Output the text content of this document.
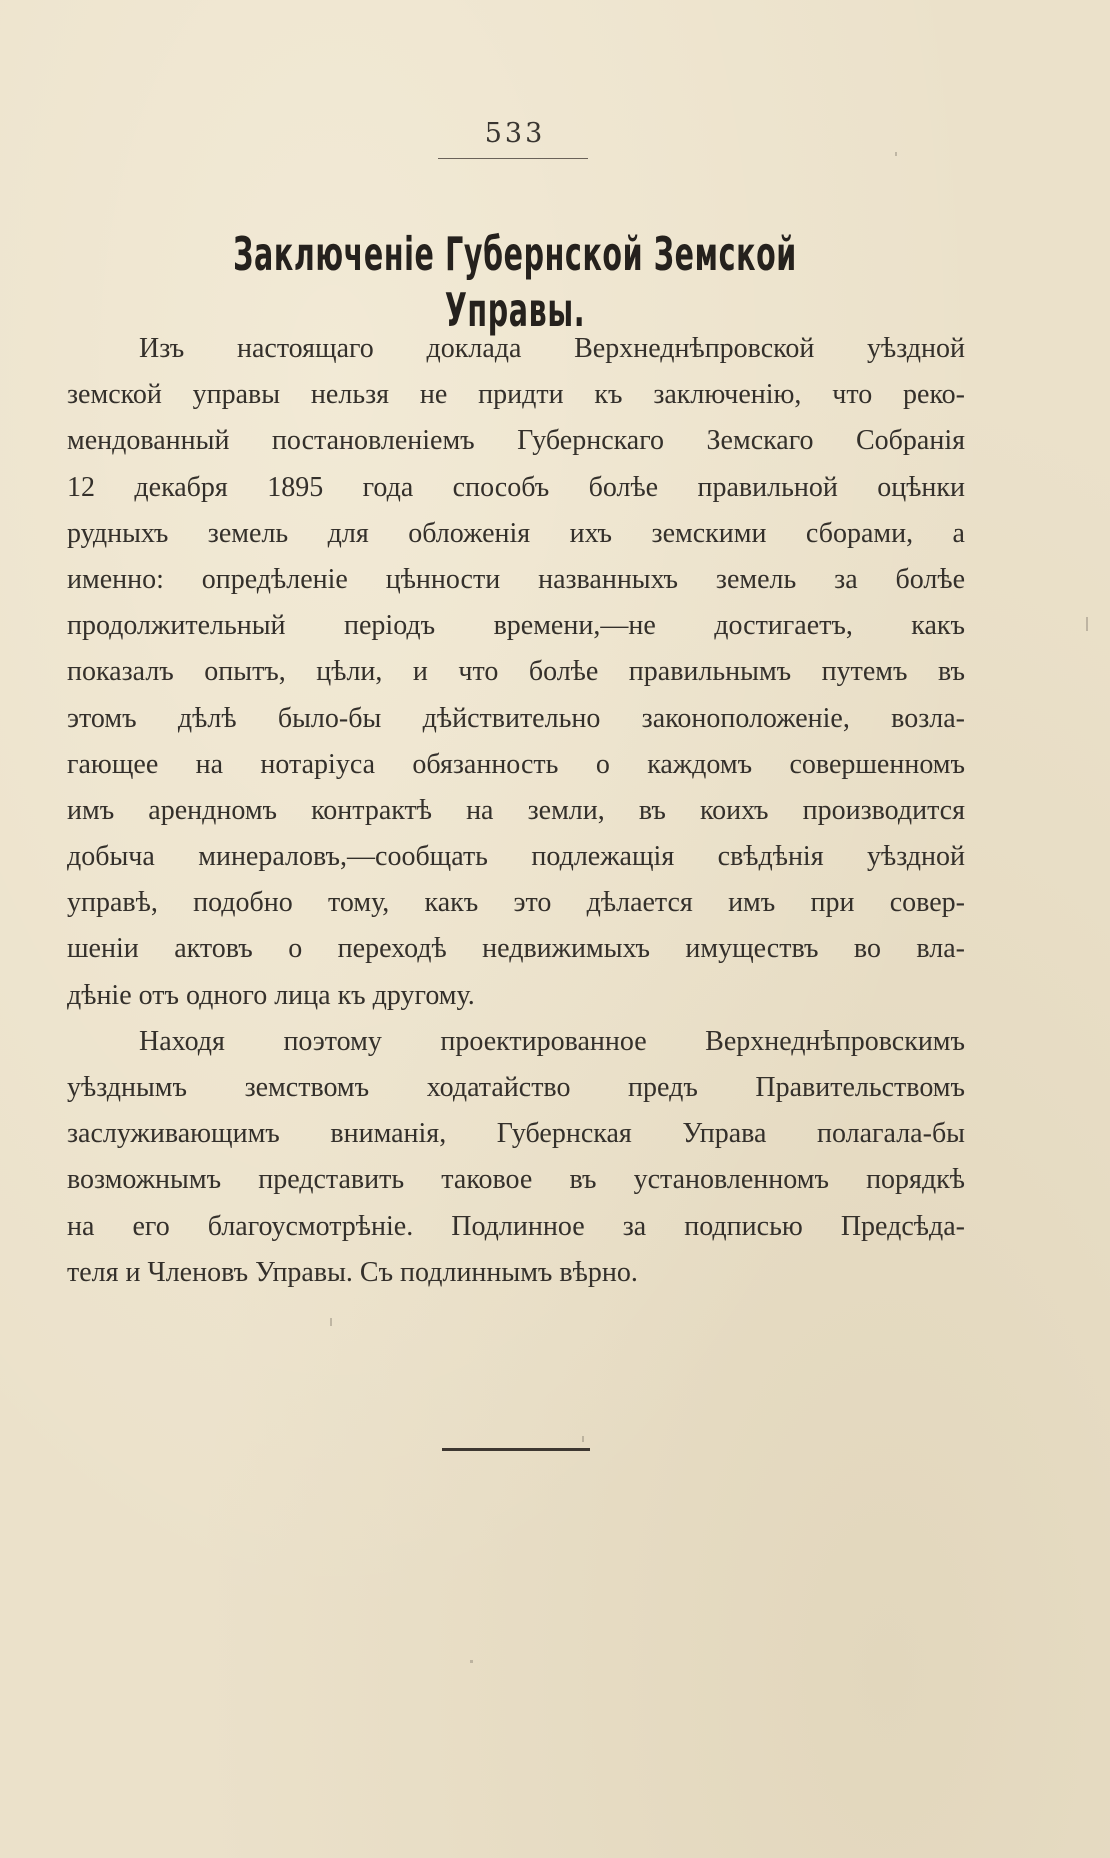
533
Заключеніе Губернской Земской Управы.
Изъ настоящаго доклада Верхнеднѣпровской уѣздной
земской управы нельзя не придти къ заключенію, что реко-
мендованный постановленіемъ Губернскаго Земскаго Собранія
12 декабря 1895 года способъ болѣе правильной оцѣнки
рудныхъ земель для обложенія ихъ земскими сборами, а
именно: опредѣленіе цѣнности названныхъ земель за болѣе
продолжительный періодъ времени,—не достигаетъ, какъ
показалъ опытъ, цѣли, и что болѣе правильнымъ путемъ въ
этомъ дѣлѣ было-бы дѣйствительно законоположеніе, возла-
гающее на нотаріуса обязанность о каждомъ совершенномъ
имъ арендномъ контрактѣ на земли, въ коихъ производится
добыча минераловъ,—сообщать подлежащія свѣдѣнія уѣздной
управѣ, подобно тому, какъ это дѣлается имъ при совер-
шеніи актовъ о переходѣ недвижимыхъ имуществъ во вла-
дѣніе отъ одного лица къ другому.
Находя поэтому проектированное Верхнеднѣпровскимъ
уѣзднымъ земствомъ ходатайство предъ Правительствомъ
заслуживающимъ вниманія, Губернская Управа полагала-бы
возможнымъ представить таковое въ установленномъ порядкѣ
на его благоусмотрѣніе. Подлинное за подписью Предсѣда-
теля и Членовъ Управы. Съ подлиннымъ вѣрно.
